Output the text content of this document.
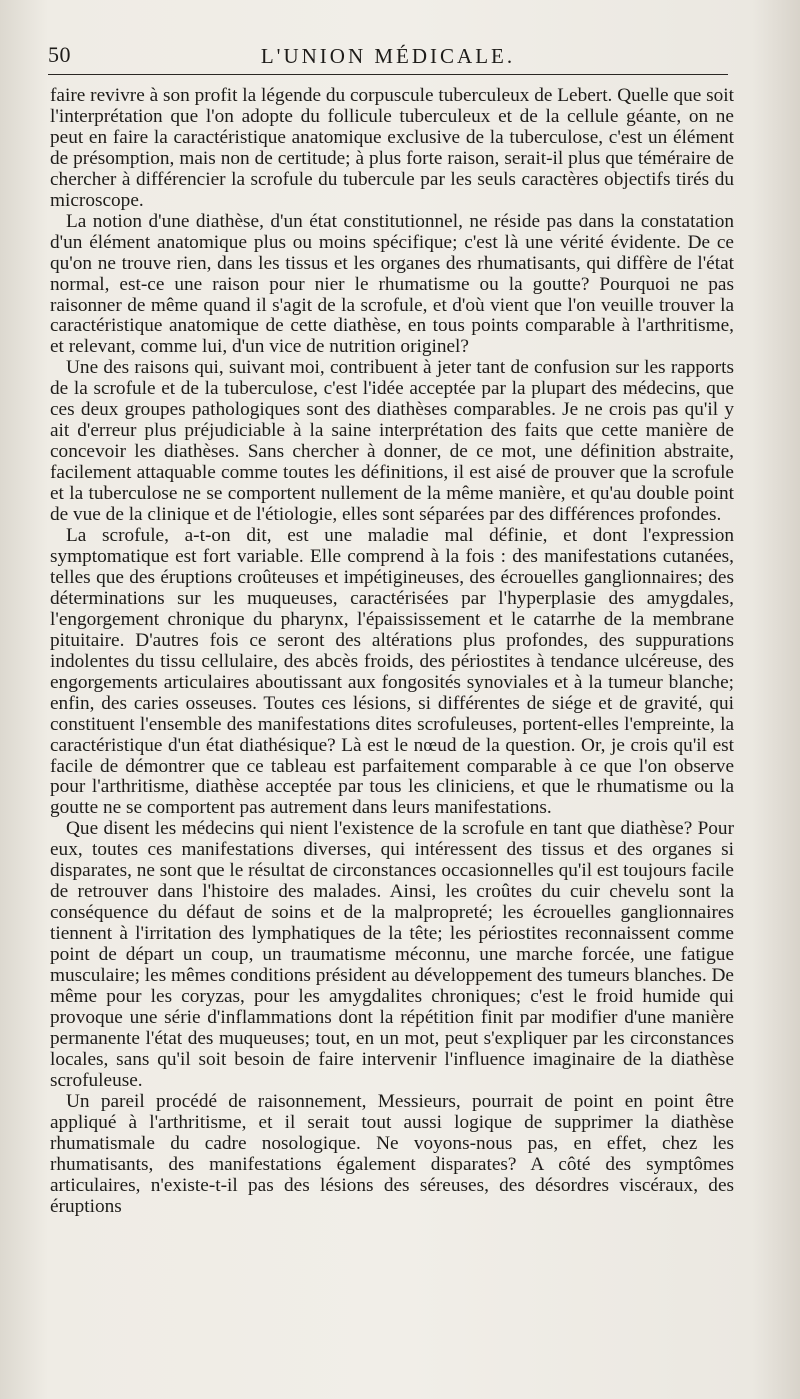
50	L'UNION MÉDICALE.

faire revivre à son profit la légende du corpuscule tuberculeux de Lebert. Quelle que soit l'interprétation que l'on adopte du follicule tuberculeux et de la cellule géante, on ne peut en faire la caractéristique anatomique exclusive de la tuberculose, c'est un élément de présomption, mais non de certitude; à plus forte raison, serait-il plus que téméraire de chercher à différencier la scrofule du tubercule par les seuls caractères objectifs tirés du microscope.

La notion d'une diathèse, d'un état constitutionnel, ne réside pas dans la constatation d'un élément anatomique plus ou moins spécifique; c'est là une vérité évidente. De ce qu'on ne trouve rien, dans les tissus et les organes des rhumatisants, qui diffère de l'état normal, est-ce une raison pour nier le rhumatisme ou la goutte? Pourquoi ne pas raisonner de même quand il s'agit de la scrofule, et d'où vient que l'on veuille trouver la caractéristique anatomique de cette diathèse, en tous points comparable à l'arthritisme, et relevant, comme lui, d'un vice de nutrition originel?

Une des raisons qui, suivant moi, contribuent à jeter tant de confusion sur les rapports de la scrofule et de la tuberculose, c'est l'idée acceptée par la plupart des médecins, que ces deux groupes pathologiques sont des diathèses comparables. Je ne crois pas qu'il y ait d'erreur plus préjudiciable à la saine interprétation des faits que cette manière de concevoir les diathèses. Sans chercher à donner, de ce mot, une définition abstraite, facilement attaquable comme toutes les définitions, il est aisé de prouver que la scrofule et la tuberculose ne se comportent nullement de la même manière, et qu'au double point de vue de la clinique et de l'étiologie, elles sont séparées par des différences profondes.

La scrofule, a-t-on dit, est une maladie mal définie, et dont l'expression symptomatique est fort variable. Elle comprend à la fois : des manifestations cutanées, telles que des éruptions croûteuses et impétigineuses, des écrouelles ganglionnaires; des déterminations sur les muqueuses, caractérisées par l'hyperplasie des amygdales, l'engorgement chronique du pharynx, l'épaississement et le catarrhe de la membrane pituitaire. D'autres fois ce seront des altérations plus profondes, des suppurations indolentes du tissu cellulaire, des abcès froids, des périostites à tendance ulcéreuse, des engorgements articulaires aboutissant aux fongosités synoviales et à la tumeur blanche; enfin, des caries osseuses. Toutes ces lésions, si différentes de siége et de gravité, qui constituent l'ensemble des manifestations dites scrofuleuses, portent-elles l'empreinte, la caractéristique d'un état diathésique? Là est le nœud de la question. Or, je crois qu'il est facile de démontrer que ce tableau est parfaitement comparable à ce que l'on observe pour l'arthritisme, diathèse acceptée par tous les cliniciens, et que le rhumatisme ou la goutte ne se comportent pas autrement dans leurs manifestations.

Que disent les médecins qui nient l'existence de la scrofule en tant que diathèse? Pour eux, toutes ces manifestations diverses, qui intéressent des tissus et des organes si disparates, ne sont que le résultat de circonstances occasionnelles qu'il est toujours facile de retrouver dans l'histoire des malades. Ainsi, les croûtes du cuir chevelu sont la conséquence du défaut de soins et de la malpropreté; les écrouelles ganglionnaires tiennent à l'irritation des lymphatiques de la tête; les périostites reconnaissent comme point de départ un coup, un traumatisme méconnu, une marche forcée, une fatigue musculaire; les mêmes conditions président au développement des tumeurs blanches. De même pour les coryzas, pour les amygdalites chroniques; c'est le froid humide qui provoque une série d'inflammations dont la répétition finit par modifier d'une manière permanente l'état des muqueuses; tout, en un mot, peut s'expliquer par les circonstances locales, sans qu'il soit besoin de faire intervenir l'influence imaginaire de la diathèse scrofuleuse.

Un pareil procédé de raisonnement, Messieurs, pourrait de point en point être appliqué à l'arthritisme, et il serait tout aussi logique de supprimer la diathèse rhumatismale du cadre nosologique. Ne voyons-nous pas, en effet, chez les rhumatisants, des manifestations également disparates? A côté des symptômes articulaires, n'existe-t-il pas des lésions des séreuses, des désordres viscéraux, des éruptions
